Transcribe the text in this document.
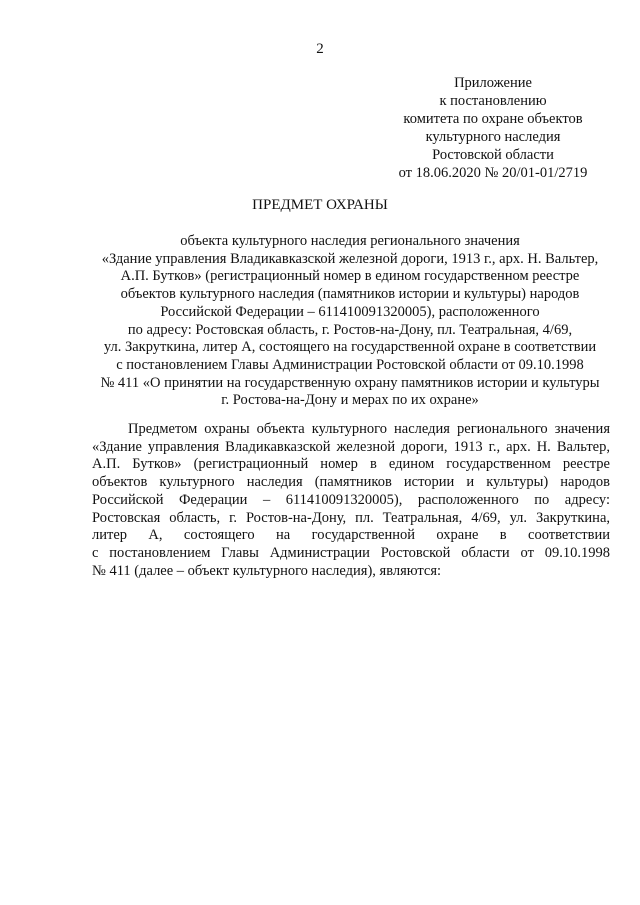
2
Приложение
к постановлению
комитета по охране объектов
культурного наследия
Ростовской области
от 18.06.2020 № 20/01-01/2719
ПРЕДМЕТ ОХРАНЫ
объекта культурного наследия регионального значения
«Здание управления Владикавказской железной дороги, 1913 г., арх. Н. Вальтер,
А.П. Бутков» (регистрационный номер в едином государственном реестре
объектов культурного наследия (памятников истории и культуры) народов
Российской Федерации – 611410091320005), расположенного
по адресу: Ростовская область, г. Ростов-на-Дону, пл. Театральная, 4/69,
ул. Закруткина, литер А, состоящего на государственной охране в соответствии
с постановлением Главы Администрации Ростовской области от 09.10.1998
№ 411 «О принятии на государственную охрану памятников истории и культуры
г. Ростова-на-Дону и мерах по их охране»
Предметом охраны объекта культурного наследия регионального значения
«Здание управления Владикавказской железной дороги, 1913 г., арх. Н. Вальтер,
А.П. Бутков» (регистрационный номер в едином государственном реестре
объектов культурного наследия (памятников истории и культуры) народов
Российской Федерации – 611410091320005), расположенного по адресу:
Ростовская область, г. Ростов-на-Дону, пл. Театральная, 4/69, ул. Закруткина,
литер А, состоящего на государственной охране в соответствии
с постановлением Главы Администрации Ростовской области от 09.10.1998
№ 411 (далее – объект культурного наследия), являются:
